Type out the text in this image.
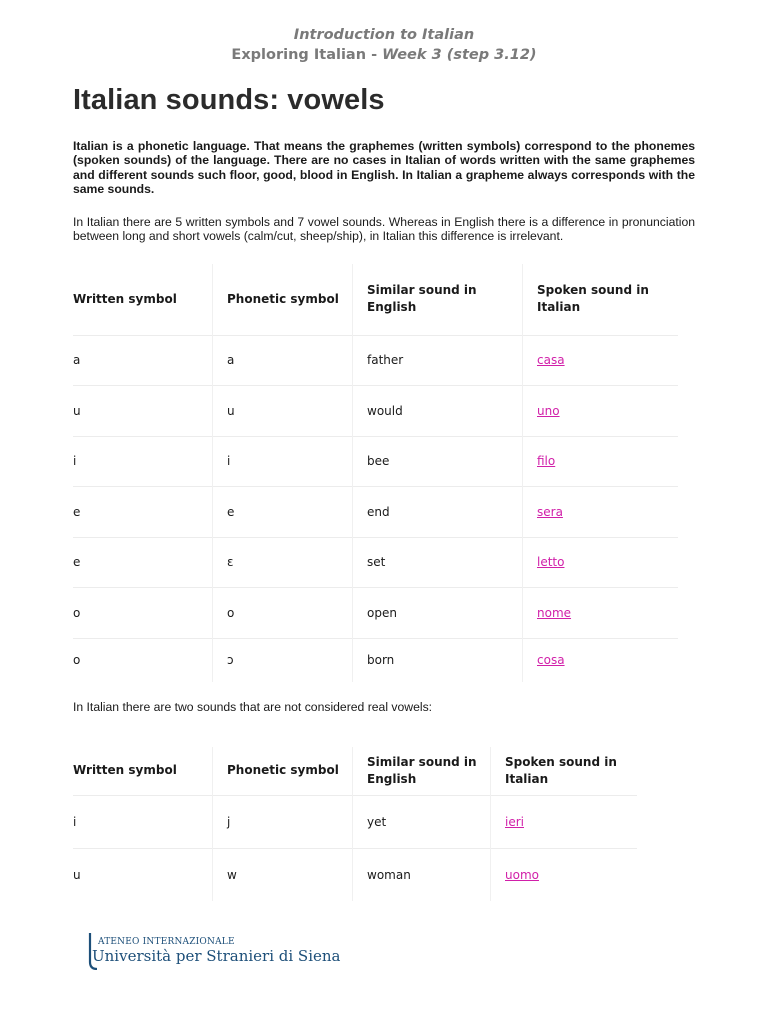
Introduction to Italian
Exploring Italian - Week 3 (step 3.12)
Italian sounds: vowels

Italian is a phonetic language. That means the graphemes (written symbols) correspond to the phonemes (spoken sounds) of the language. There are no cases in Italian of words written with the same graphemes and different sounds such floor, good, blood in English. In Italian a grapheme always corresponds with the same sounds.

In Italian there are 5 written symbols and 7 vowel sounds. Whereas in English there is a difference in pronunciation between long and short vowels (calm/cut, sheep/ship), in Italian this difference is irrelevant.

Written symbol	Phonetic symbol	Similar sound in English	Spoken sound in Italian
a	a	father	casa
u	u	would	uno
i	i	bee	filo
e	e	end	sera
e	ɛ	set	letto
o	o	open	nome
o	ɔ	born	cosa

In Italian there are two sounds that are not considered real vowels:

Written symbol	Phonetic symbol	Similar sound in English	Spoken sound in Italian
i	j	yet	ieri
u	w	woman	uomo
ATENEO INTERNAZIONALE
Università per Stranieri di Siena
